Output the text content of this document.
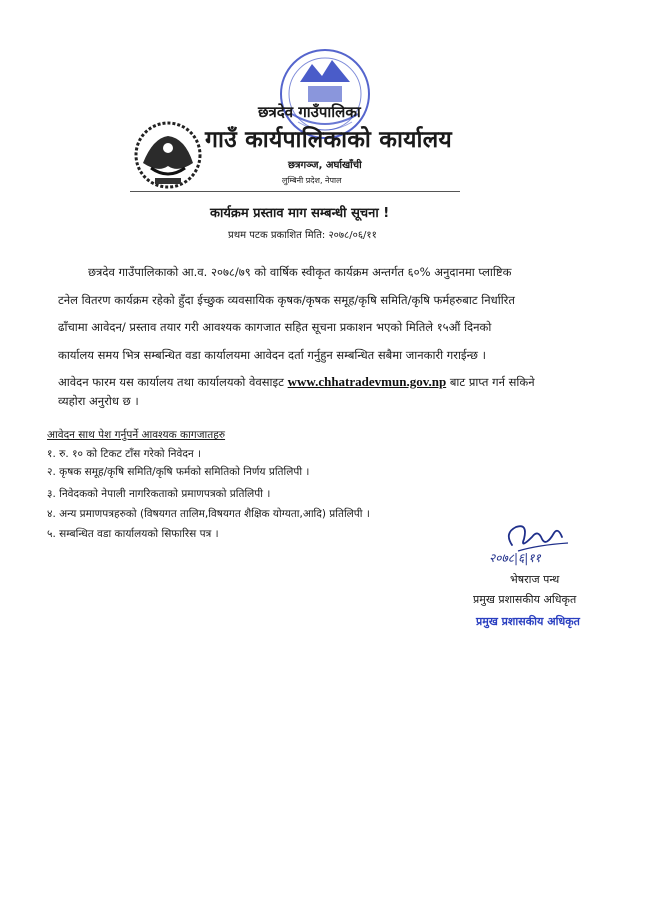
छत्रदेव गाउँपालिका
गाउँ कार्यपालिकाको कार्यालय
छत्रगञ्ज, अर्घाखाँची
लुम्बिनी प्रदेश, नेपाल
कार्यक्रम प्रस्ताव माग सम्बन्धी सूचना !
प्रथम पटक प्रकाशित मिति: २०७८/०६/११
छत्रदेव गाउँपालिकाको आ.व. २०७८/७९ को वार्षिक स्वीकृत कार्यक्रम अन्तर्गत ६०% अनुदानमा प्लाष्टिक
टनेल वितरण कार्यक्रम रहेको हुँदा ईच्छुक व्यवसायिक कृषक/कृषक समूह/कृषि समिति/कृषि फर्महरुबाट निर्धारित
ढाँचामा आवेदन/ प्रस्ताव तयार गरी आवश्यक कागजात सहित सूचना प्रकाशन भएको मितिले १५औं दिनको
कार्यालय समय भित्र सम्बन्धित वडा कार्यालयमा आवेदन दर्ता गर्नुहुन सम्बन्धित सबैमा जानकारी गराईन्छ ।
आवेदन फारम यस कार्यालय तथा कार्यालयको वेवसाइट www.chhatradevmun.gov.np बाट प्राप्त गर्न सकिने
व्यहोरा अनुरोध छ ।
आवेदन साथ पेश गर्नुपर्ने आवश्यक कागजातहरु
१. रु. १० को टिकट टाँस गरेको निवेदन ।
२. कृषक समूह/कृषि समिति/कृषि फर्मको समितिको निर्णय प्रतिलिपी ।
३. निवेदकको नेपाली नागरिकताको प्रमाणपत्रको प्रतिलिपी ।
४. अन्य प्रमाणपत्रहरुको (विषयगत तालिम,विषयगत शैक्षिक योग्यता,आदि) प्रतिलिपी ।
५. सम्बन्धित वडा कार्यालयको सिफारिस पत्र ।
२०७८|६|११
भेषराज पन्थ
प्रमुख प्रशासकीय अधिकृत
प्रमुख प्रशासकीय अधिकृत
